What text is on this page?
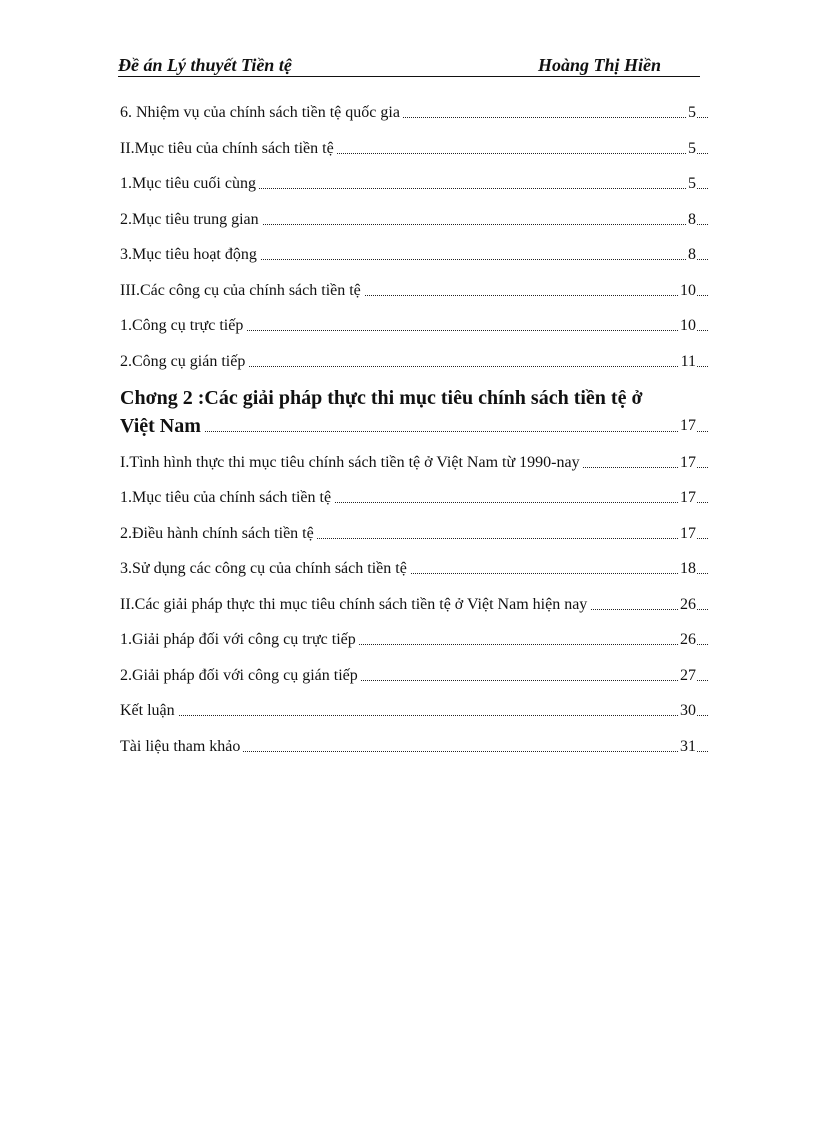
Đề án Lý thuyết Tiền tệ	Hoàng Thị Hiền
6. Nhiệm vụ của chính sách tiền tệ quốc gia	5
II.Mục tiêu của chính sách tiền tệ	5
1.Mục tiêu cuối cùng	5
2.Mục tiêu trung gian	8
3.Mục tiêu hoạt động	8
III.Các công cụ của chính sách tiền tệ	10
1.Công cụ trực tiếp	10
2.Công cụ gián tiếp	11
Chơng 2 :Các giải pháp thực thi mục tiêu chính sách tiền tệ ở
Việt Nam	17
I.Tình hình thực thi mục tiêu chính sách tiền tệ ở Việt Nam từ 1990-nay	17
1.Mục tiêu của chính sách tiền tệ	17
2.Điều hành chính sách tiền tệ	17
3.Sử dụng các công cụ của chính sách tiền tệ	18
II.Các giải pháp thực thi mục tiêu chính sách tiền tệ ở Việt Nam hiện nay	26
1.Giải pháp đối với công cụ trực tiếp	26
2.Giải pháp đối với công cụ gián tiếp	27
Kết luận	30
Tài liệu tham khảo	31
